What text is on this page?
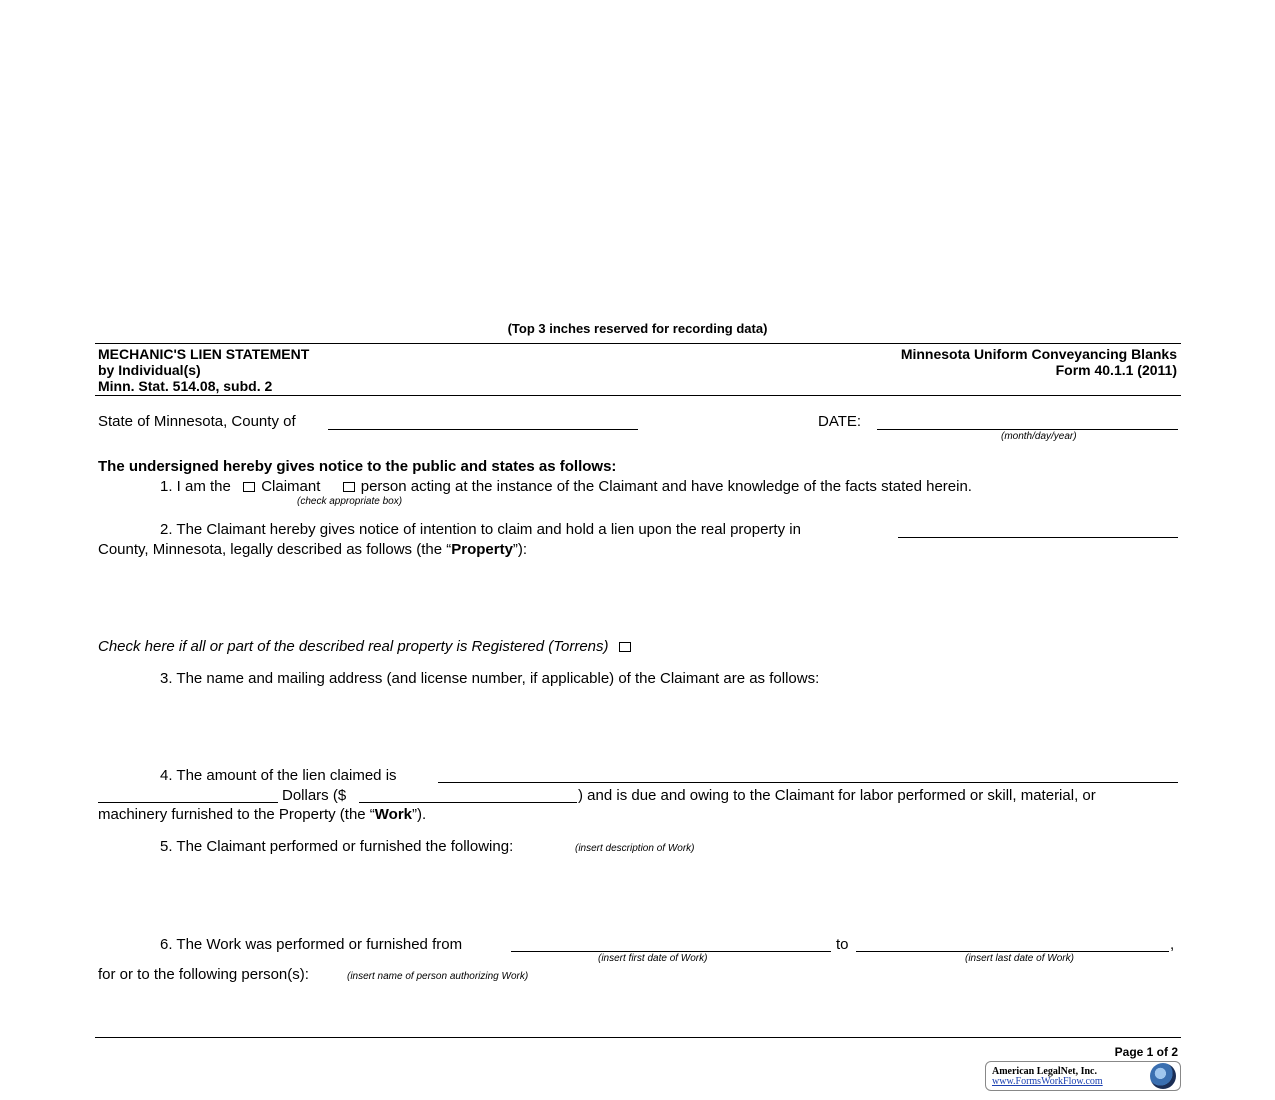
(Top 3 inches reserved for recording data)
MECHANIC'S LIEN STATEMENT
by Individual(s)
Minn. Stat. 514.08, subd. 2
Minnesota Uniform Conveyancing Blanks
Form 40.1.1 (2011)
State of Minnesota, County of	DATE:
(month/day/year)
The undersigned hereby gives notice to the public and states as follows:
1. I am the Claimant	person acting at the instance of the Claimant and have knowledge of the facts stated herein.
(check appropriate box)
2. The Claimant hereby gives notice of intention to claim and hold a lien upon the real property in
County, Minnesota, legally described as follows (the “Property”):
Check here if all or part of the described real property is Registered (Torrens)
3. The name and mailing address (and license number, if applicable) of the Claimant are as follows:
4. The amount of the lien claimed is
Dollars ($	) and is due and owing to the Claimant for labor performed or skill, material, or
machinery furnished to the Property (the “Work”).
5. The Claimant performed or furnished the following:	(insert description of Work)
6. The Work was performed or furnished from	to	,
(insert first date of Work)	(insert last date of Work)
for or to the following person(s):	(insert name of person authorizing Work)
Page 1 of 2
American LegalNet, Inc.
www.FormsWorkFlow.com
